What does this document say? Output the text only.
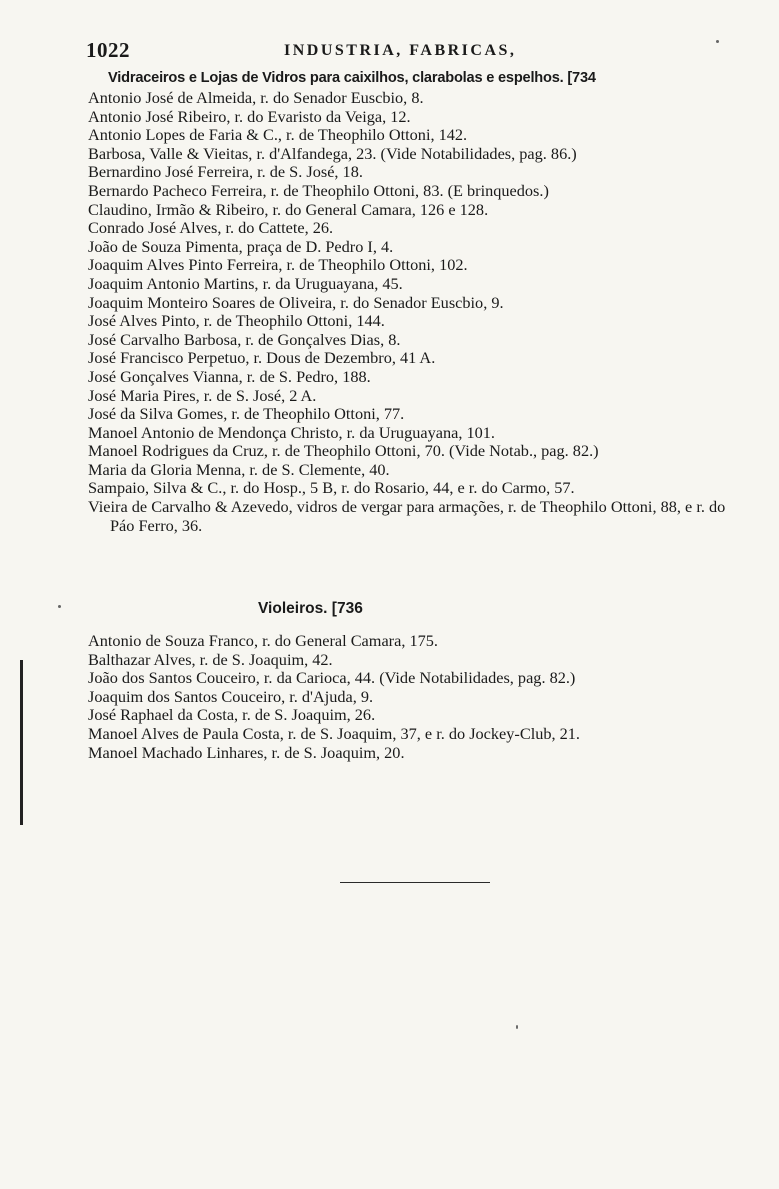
1022	INDUSTRIA, FABRICAS,
Vidraceiros e Lojas de Vidros para caixilhos, clarabolas e espelhos. [734
Antonio José de Almeida, r. do Senador Euscbio, 8.
Antonio José Ribeiro, r. do Evaristo da Veiga, 12.
Antonio Lopes de Faria & C., r. de Theophilo Ottoni, 142.
Barbosa, Valle & Vieitas, r. d'Alfandega, 23. (Vide Notabilidades, pag. 86.)
Bernardino José Ferreira, r. de S. José, 18.
Bernardo Pacheco Ferreira, r. de Theophilo Ottoni, 83. (E brinquedos.)
Claudino, Irmão & Ribeiro, r. do General Camara, 126 e 128.
Conrado José Alves, r. do Cattete, 26.
João de Souza Pimenta, praça de D. Pedro I, 4.
Joaquim Alves Pinto Ferreira, r. de Theophilo Ottoni, 102.
Joaquim Antonio Martins, r. da Uruguayana, 45.
Joaquim Monteiro Soares de Oliveira, r. do Senador Euscbio, 9.
José Alves Pinto, r. de Theophilo Ottoni, 144.
José Carvalho Barbosa, r. de Gonçalves Dias, 8.
José Francisco Perpetuo, r. Dous de Dezembro, 41 A.
José Gonçalves Vianna, r. de S. Pedro, 188.
José Maria Pires, r. de S. José, 2 A.
José da Silva Gomes, r. de Theophilo Ottoni, 77.
Manoel Antonio de Mendonça Christo, r. da Uruguayana, 101.
Manoel Rodrigues da Cruz, r. de Theophilo Ottoni, 70. (Vide Notab., pag. 82.)
Maria da Gloria Menna, r. de S. Clemente, 40.
Sampaio, Silva & C., r. do Hosp., 5 B, r. do Rosario, 44, e r. do Carmo, 57.
Vieira de Carvalho & Azevedo, vidros de vergar para armações, r. de Theophilo Ottoni, 88, e r. do Páo Ferro, 36.
Violeiros. [736
Antonio de Souza Franco, r. do General Camara, 175.
Balthazar Alves, r. de S. Joaquim, 42.
João dos Santos Couceiro, r. da Carioca, 44. (Vide Notabilidades, pag. 82.)
Joaquim dos Santos Couceiro, r. d'Ajuda, 9.
José Raphael da Costa, r. de S. Joaquim, 26.
Manoel Alves de Paula Costa, r. de S. Joaquim, 37, e r. do Jockey-Club, 21.
Manoel Machado Linhares, r. de S. Joaquim, 20.
